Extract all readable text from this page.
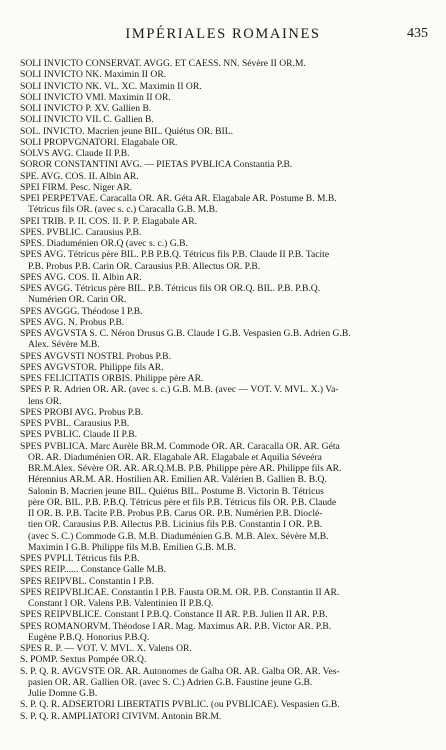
IMPÉRIALES ROMAINES	435
SOLI INVICTO CONSERVAT. AVGG. ET CAESS. NN. Sévère II OR.M.
SOLI INVICTO NK. Maximin II OR.
SOLI INVICTO NK. VL. XC. Maximin II OR.
SOLI INVICTO VMI. Maximin II OR.
SOLI INVICTO P. XV. Gallien B.
SOLI INVICTO VIL C. Gallien B.
SOL. INVICTO. Macrien jeune BIL. Quiétus OR. BIL.
SOLI PROPVGNATORI. Elagabale OR.
SOLVS AVG. Claude II P.B.
SOROR CONSTANTINI AVG. — PIETAS PVBLICA Constantia P.B.
SPE. AVG. COS. II. Albin AR.
SPEI FIRM. Pesc. Niger AR.
SPEI PERPETVAE. Caracalla OR. AR. Géta AR. Elagabale AR. Postume B. M.B.
Tétricus fils OR. (avec s. c.) Caracalla G.B. M.B.
SPEI TRIB. P. II. COS. II. P. P. Elagabale AR.
SPES. PVBLIC. Carausius P.B.
SPES. Diaduménien OR.Q (avec s. c.) G.B.
SPES AVG. Tétricus père BIL. P.B P.B.Q. Tétricus fils P.B. Claude II P.B. Tacite
P.B. Probus P.B. Carin OR. Carausius P.B. Allectus OR. P.B.
SPES AVG. COS. II. Albin AR.
SPES AVGG. Tétricus père BIL. P.B. Tétricus fils OR OR.Q. BIL. P.B. P.B.Q.
Numérien OR. Carin OR.
SPES AVGGG. Théodose I P.B.
SPES AVG. N. Probus P.B.
SPES AVGVSTA S. C. Néron Drusus G.B. Claude I G.B. Vespasien G.B. Adrien G.B.
Alex. Sévère M.B.
SPES AVGVSTI NOSTRI. Probus P.B.
SPES AVGVSTOR. Philippe fils AR.
SPES FELICITATIS ORBIS. Philippe père AR.
SPES P. R. Adrien OR. AR. (avec s. c.) G.B. M.B. (avec — VOT. V. MVL. X.) Va-
lens OR.
SPES PROBI AVG. Probus P.B.
SPES PVBL. Carausius P.B.
SPES PVBLIC. Claude II P.B.
SPES PVBLICA. Marc Aurèle BR.M. Commode OR. AR. Caracalla OR. AR. Géta
OR. AR. Diaduménien OR. AR. Elagabale AR. Elagabale et Aquilia Séveéra
BR.M.Alex. Sévère OR. AR. AR.Q.M.B. P.B. Philippe père AR. Philippe fils AR.
Hérennius AR.M. AR. Hostilien AR. Emilien AR. Valérien B. Gallien B. B.Q.
Salonin B. Macrien jeune BIL. Quiétus BIL. Postume B. Victorin B. Tétricus
père OR. BIL. P.B. P.B.Q. Tétricus père et fils P.B. Tétricus fils OR. P.B. Claude
II OR. B. P.B. Tacite P.B. Probus P.B. Carus OR. P.B. Numérien P.B. Dioclé-
tien OR. Carausius P.B. Allectus P.B. Licinius fils P.B. Constantin I OR. P.B.
(avec S. C.) Commode G.B. M.B. Diaduménien G.B. M.B. Alex. Sévère M.B.
Maximin I G.B. Philippe fils M.B. Emilien G.B. M.B.
SPES PVPLI. Tétricus fils P.B.
SPES REIP...... Constance Galle M.B.
SPES REIPVBL. Constantin I P.B.
SPES REIPVBLICAE. Constantin I P.B. Fausta OR.M. OR. P.B. Constantin II AR.
Constant I OR. Valens P.B. Valentinien II P.B.Q.
SPES REIPVBLICE. Constant I P.B.Q. Constance II AR. P.B. Julien II AR. P.B.
SPES ROMANORVM. Théodose I AR. Mag. Maximus AR. P.B. Victor AR. P.B.
Eugène P.B.Q. Honorius P.B.Q.
SPES R. P. — VOT. V. MVL. X. Valens OR.
S. POMP. Sextus Pompée OR.Q.
S. P. Q. R. AVGVSTE OR. AR. Autonomes de Galba OR. AR. Galba OR. AR. Ves-
pasien OR. AR. Gallien OR. (avec S. C.) Adrien G.B. Faustine jeune G.B.
Julie Domne G.B.
S. P. Q. R. ADSERTORI LIBERTATIS PVBLIC. (ou PVBLICAE). Vespasien G.B.
S. P. Q. R. AMPLIATORI CIVIVM. Antonin BR.M.
